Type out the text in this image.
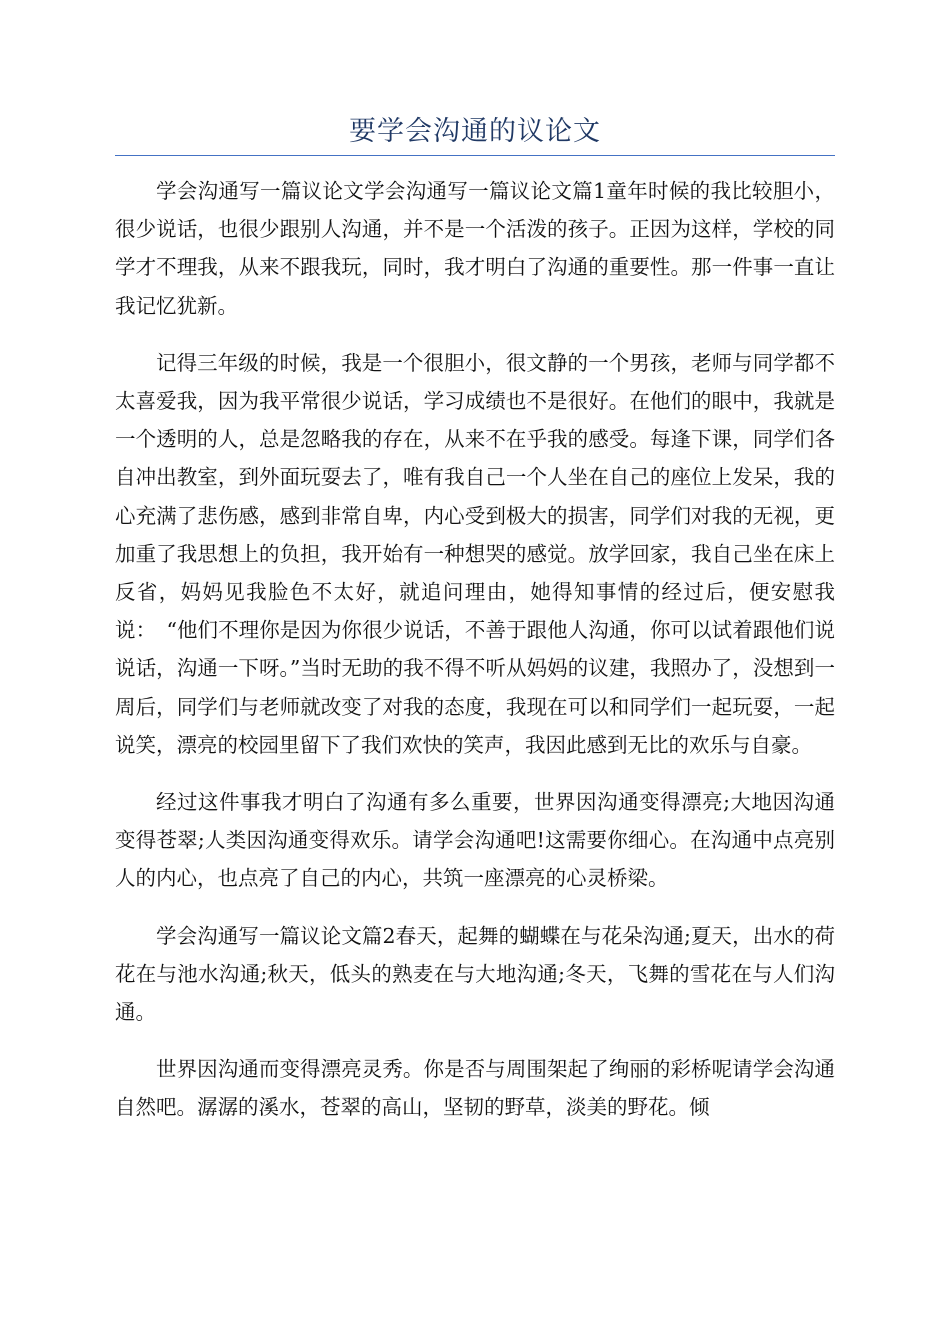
要学会沟通的议论文

学会沟通写一篇议论文学会沟通写一篇议论文篇1童年时候的我比较胆小，很少说话，也很少跟别人沟通，并不是一个活泼的孩子。正因为这样，学校的同学才不理我，从来不跟我玩，同时，我才明白了沟通的重要性。那一件事一直让我记忆犹新。

记得三年级的时候，我是一个很胆小，很文静的一个男孩，老师与同学都不太喜爱我，因为我平常很少说话，学习成绩也不是很好。在他们的眼中，我就是一个透明的人，总是忽略我的存在，从来不在乎我的感受。每逢下课，同学们各自冲出教室，到外面玩耍去了，唯有我自己一个人坐在自己的座位上发呆，我的心充满了悲伤感，感到非常自卑，内心受到极大的损害，同学们对我的无视，更加重了我思想上的负担，我开始有一种想哭的感觉。放学回家，我自己坐在床上反省，妈妈见我脸色不太好，就追问理由，她得知事情的经过后，便安慰我说：　“他们不理你是因为你很少说话，不善于跟他人沟通，你可以试着跟他们说说话，沟通一下呀。”当时无助的我不得不听从妈妈的议建，我照办了，没想到一周后，同学们与老师就改变了对我的态度，我现在可以和同学们一起玩耍，一起说笑，漂亮的校园里留下了我们欢快的笑声，我因此感到无比的欢乐与自豪。

经过这件事我才明白了沟通有多么重要，世界因沟通变得漂亮;大地因沟通变得苍翠;人类因沟通变得欢乐。请学会沟通吧!这需要你细心。在沟通中点亮别人的内心，也点亮了自己的内心，共筑一座漂亮的心灵桥梁。

学会沟通写一篇议论文篇2春天，起舞的蝴蝶在与花朵沟通;夏天，出水的荷花在与池水沟通;秋天，低头的熟麦在与大地沟通;冬天，飞舞的雪花在与人们沟通。

世界因沟通而变得漂亮灵秀。你是否与周围架起了绚丽的彩桥呢请学会沟通自然吧。潺潺的溪水，苍翠的高山，坚韧的野草，淡美的野花。倾
